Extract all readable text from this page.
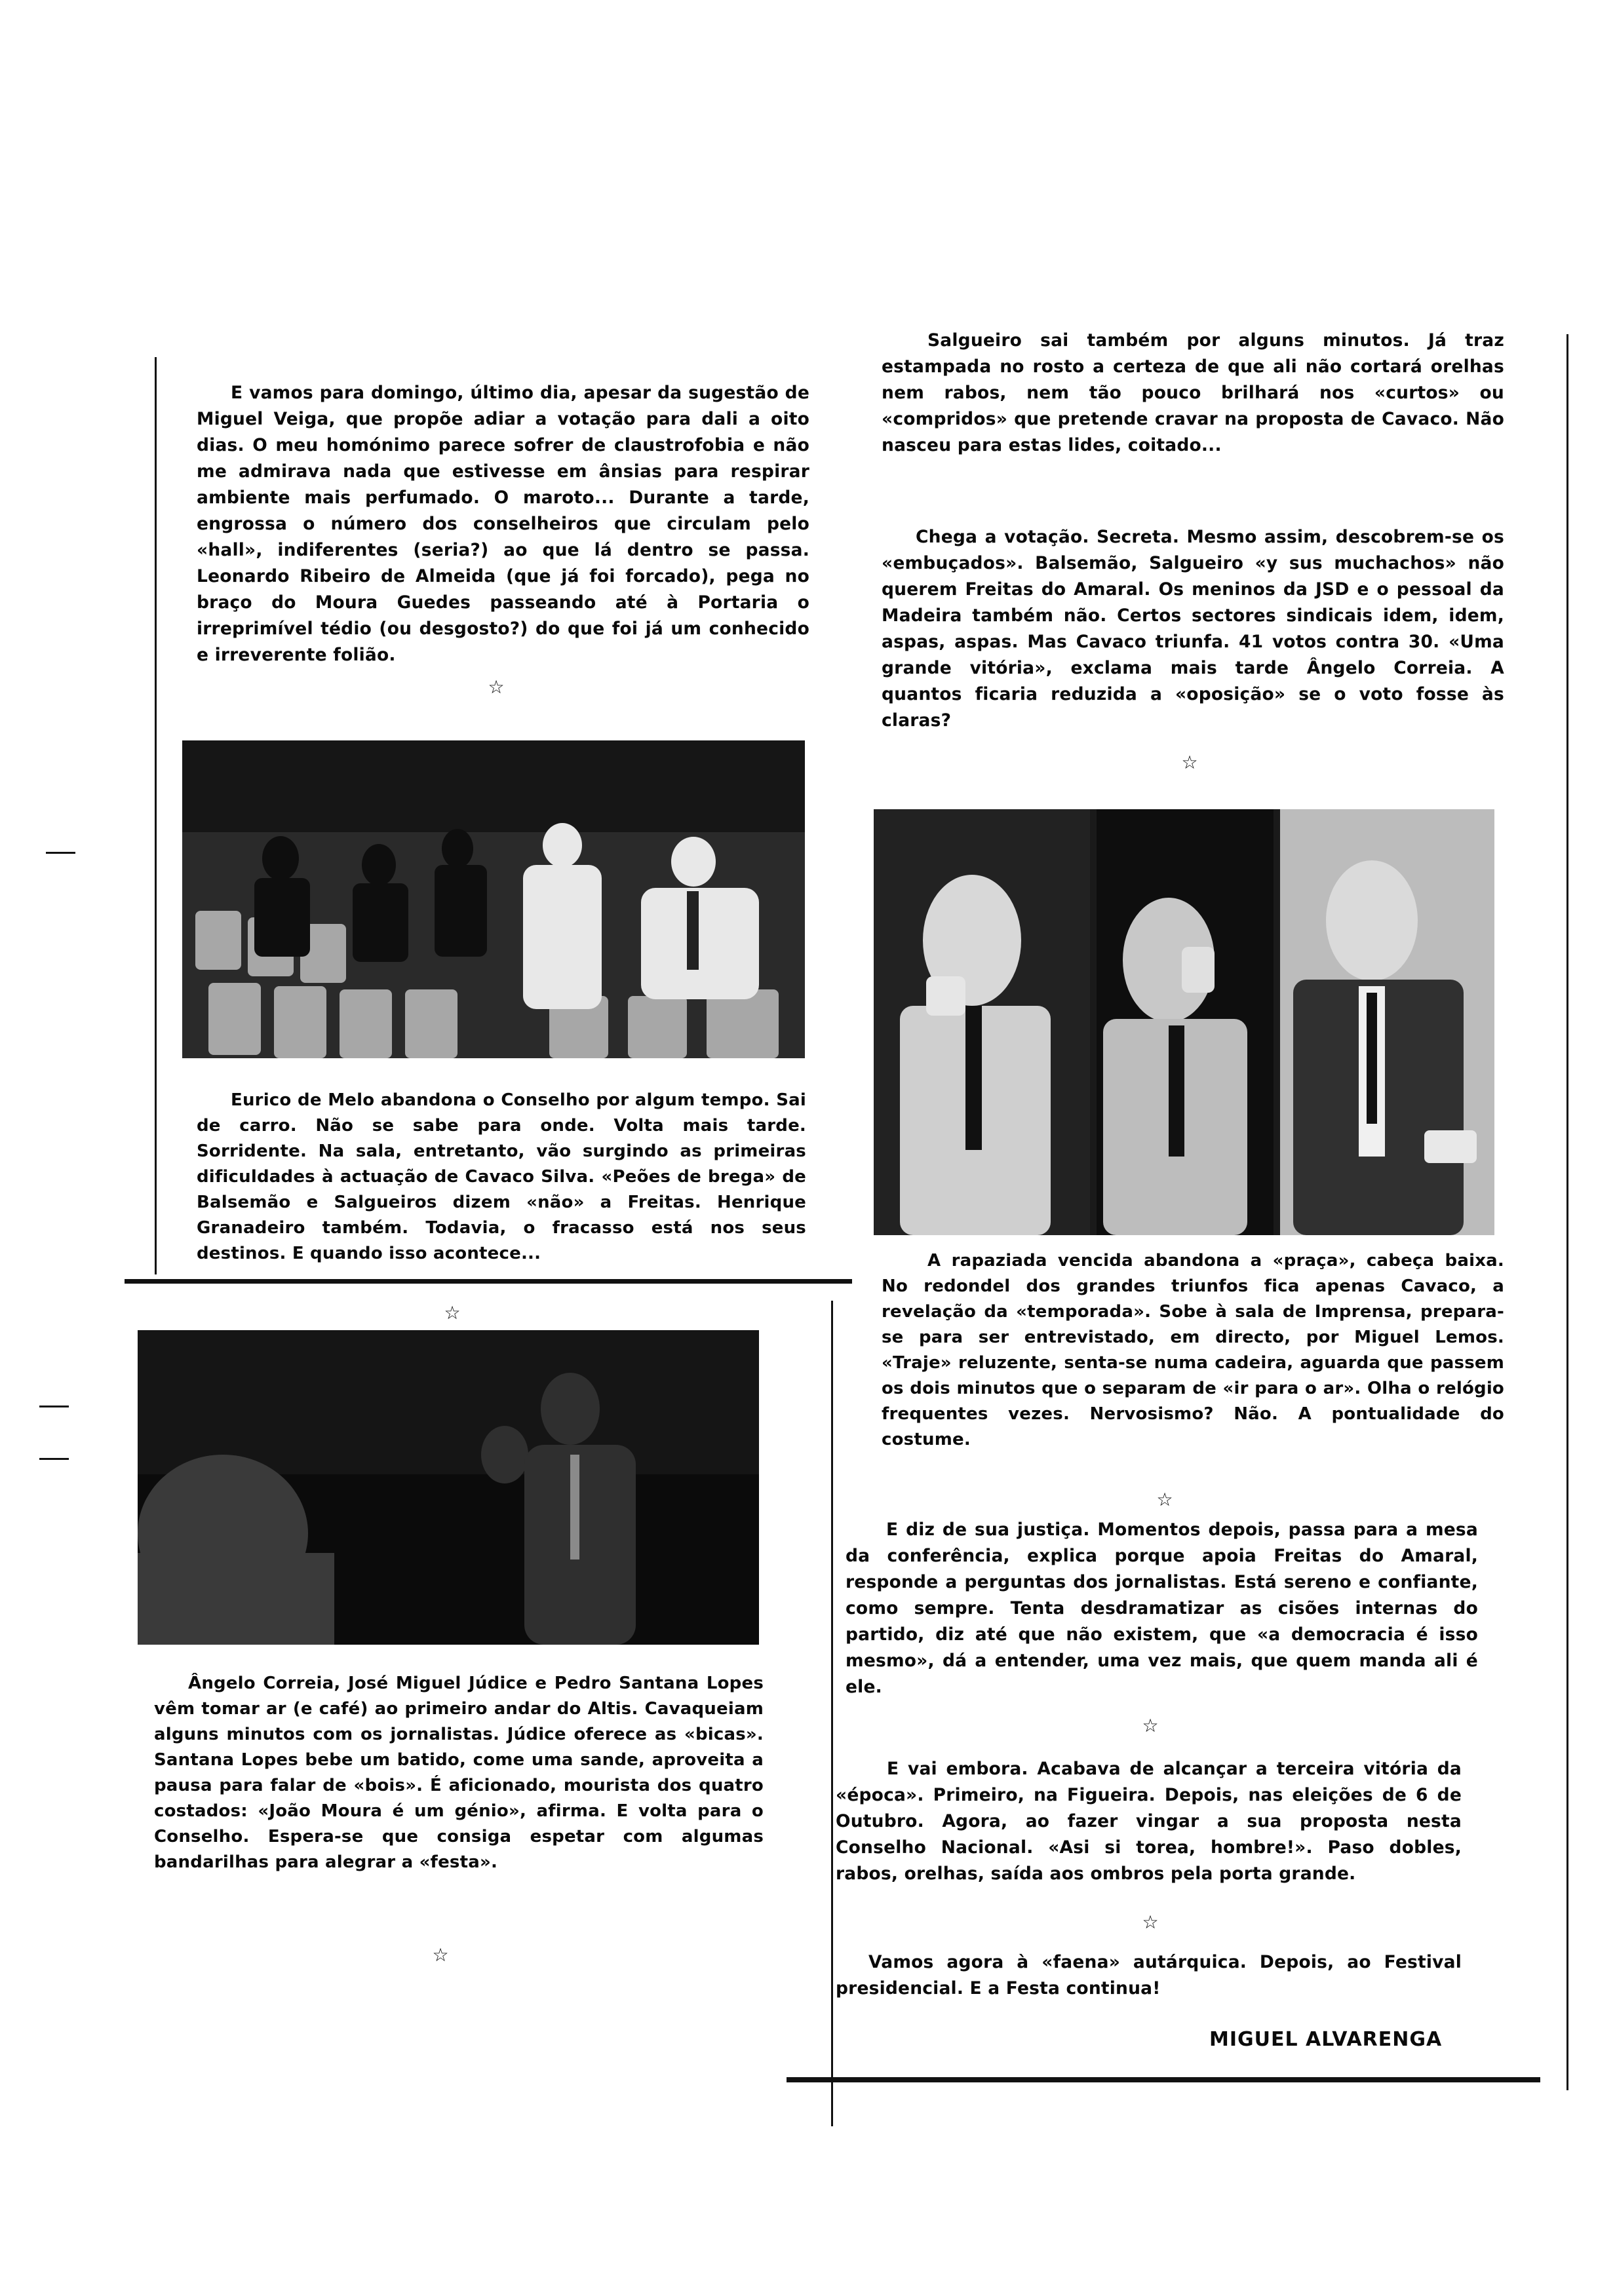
E vamos para domingo, último dia, apesar da sugestão de Miguel Veiga, que propõe adiar a votação para dali a oito dias. O meu homónimo parece sofrer de claustrofobia e não me admirava nada que estivesse em ânsias para respirar ambiente mais perfumado. O maroto... Durante a tarde, engrossa o número dos conselheiros que circulam pelo «hall», indiferentes (seria?) ao que lá dentro se passa. Leonardo Ribeiro de Almeida (que já foi forcado), pega no braço do Moura Guedes passeando até à Portaria o irreprimível tédio (ou desgosto?) do que foi já um conhecido e irreverente folião.

☆

Eurico de Melo abandona o Conselho por algum tempo. Sai de carro. Não se sabe para onde. Volta mais tarde. Sorridente. Na sala, entretanto, vão surgindo as primeiras dificuldades à actuação de Cavaco Silva. «Peões de brega» de Balsemão e Salgueiros dizem «não» a Freitas. Henrique Granadeiro também. Todavia, o fracasso está nos seus destinos. E quando isso acontece...

☆

Ângelo Correia, José Miguel Júdice e Pedro Santana Lopes vêm tomar ar (e café) ao primeiro andar do Altis. Cavaqueiam alguns minutos com os jornalistas. Júdice oferece as «bicas». Santana Lopes bebe um batido, come uma sande, aproveita a pausa para falar de «bois». É aficionado, mourista dos quatro costados: «João Moura é um génio», afirma. E volta para o Conselho. Espera-se que consiga espetar com algumas bandarilhas para alegrar a «festa».

☆

Salgueiro sai também por alguns minutos. Já traz estampada no rosto a certeza de que ali não cortará orelhas nem rabos, nem tão pouco brilhará nos «curtos» ou «compridos» que pretende cravar na proposta de Cavaco. Não nasceu para estas lides, coitado...

Chega a votação. Secreta. Mesmo assim, descobrem-se os «embuçados». Balsemão, Salgueiro «y sus muchachos» não querem Freitas do Amaral. Os meninos da JSD e o pessoal da Madeira também não. Certos sectores sindicais idem, idem, aspas, aspas. Mas Cavaco triunfa. 41 votos contra 30. «Uma grande vitória», exclama mais tarde Ângelo Correia. A quantos ficaria reduzida a «oposição» se o voto fosse às claras?

☆

A rapaziada vencida abandona a «praça», cabeça baixa. No redondel dos grandes triunfos fica apenas Cavaco, a revelação da «temporada». Sobe à sala de Imprensa, prepara-se para ser entrevistado, em directo, por Miguel Lemos. «Traje» reluzente, senta-se numa cadeira, aguarda que passem os dois minutos que o separam de «ir para o ar». Olha o relógio frequentes vezes. Nervosismo? Não. A pontualidade do costume.

☆

E diz de sua justiça. Momentos depois, passa para a mesa da conferência, explica porque apoia Freitas do Amaral, responde a perguntas dos jornalistas. Está sereno e confiante, como sempre. Tenta desdramatizar as cisões internas do partido, diz até que não existem, que «a democracia é isso mesmo», dá a entender, uma vez mais, que quem manda ali é ele.

☆

E vai embora. Acabava de alcançar a terceira vitória da «época». Primeiro, na Figueira. Depois, nas eleições de 6 de Outubro. Agora, ao fazer vingar a sua proposta nesta Conselho Nacional. «Asi si torea, hombre!». Paso dobles, rabos, orelhas, saída aos ombros pela porta grande.

☆

Vamos agora à «faena» autárquica. Depois, ao Festival presidencial. E a Festa continua!

MIGUEL ALVARENGA
